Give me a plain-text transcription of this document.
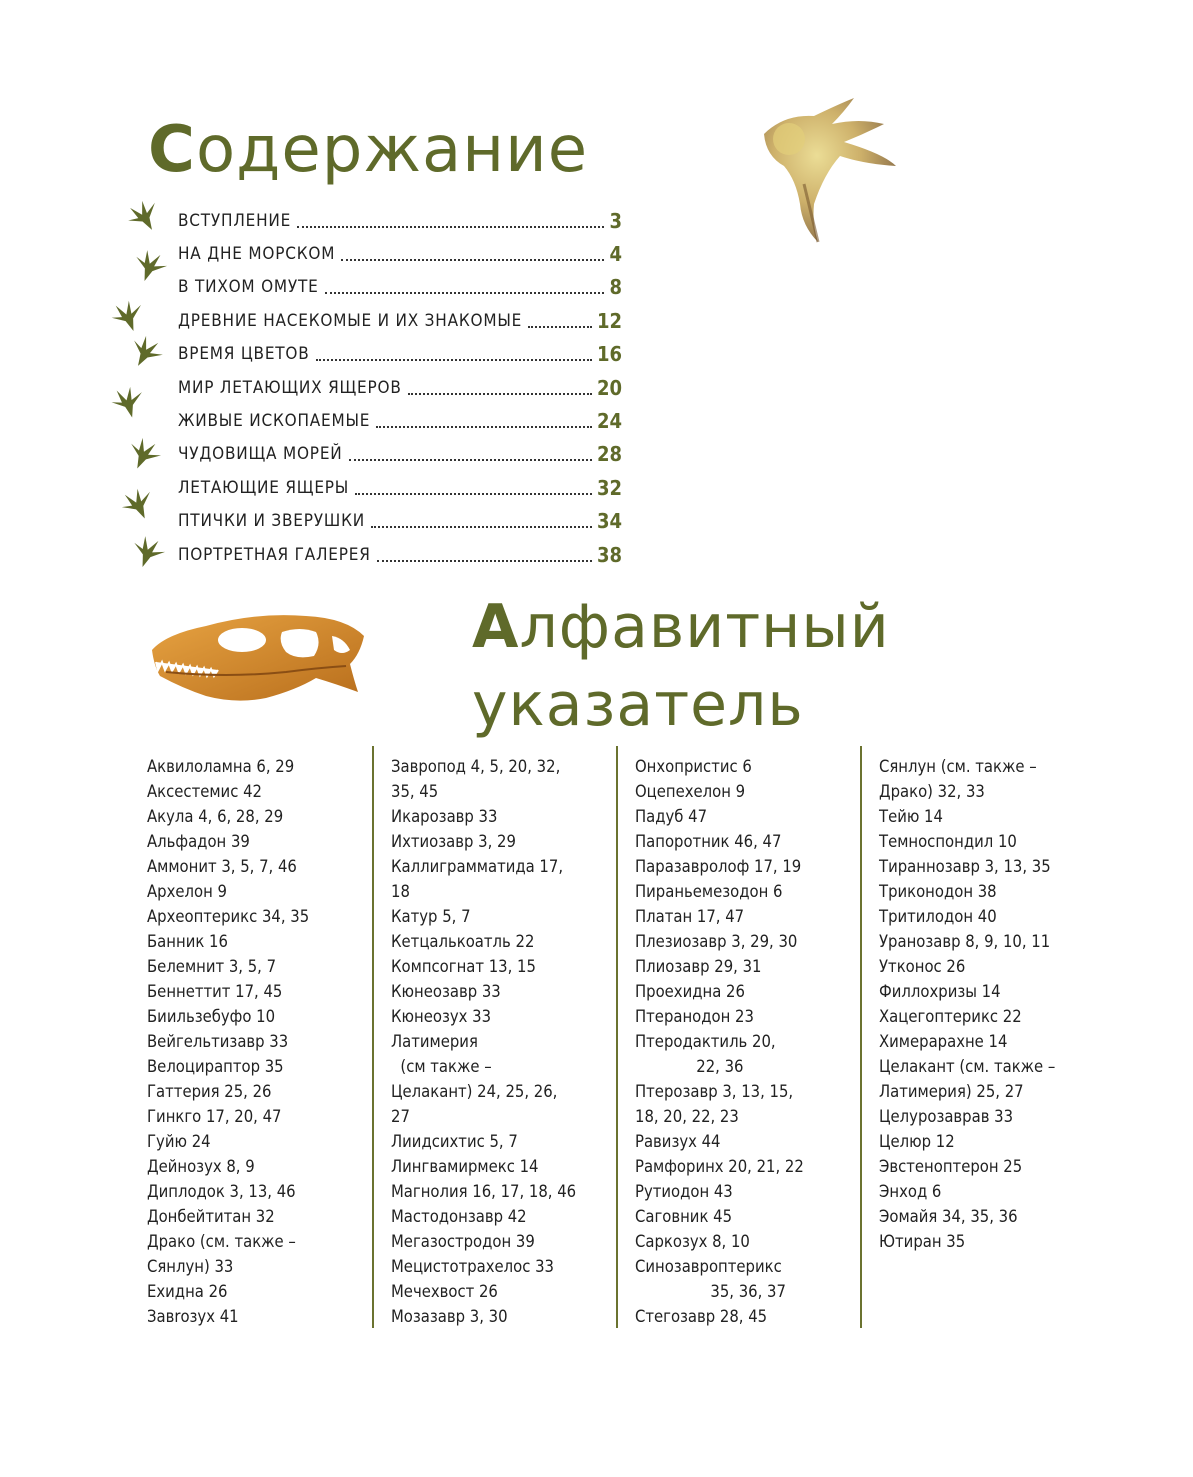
Содержание
ВСТУПЛЕНИЕ	3
НА ДНЕ МОРСКОМ	4
В ТИХОМ ОМУТЕ	8
ДРЕВНИЕ НАСЕКОМЫЕ И ИХ ЗНАКОМЫЕ	12
ВРЕМЯ ЦВЕТОВ	16
МИР ЛЕТАЮЩИХ ЯЩЕРОВ	20
ЖИВЫЕ ИСКОПАЕМЫЕ	24
ЧУДОВИЩА МОРЕЙ	28
ЛЕТАЮЩИЕ ЯЩЕРЫ	32
ПТИЧКИ И ЗВЕРУШКИ	34
ПОРТРЕТНАЯ ГАЛЕРЕЯ	38
Алфавитный
указатель
Аквилоламна 6, 29
Аксестемис 42
Акула 4, 6, 28, 29
Альфадон 39
Аммонит 3, 5, 7, 46
Архелон 9
Археоптерикс 34, 35
Банник 16
Белемнит 3, 5, 7
Беннеттит 17, 45
Биильзебуфо 10
Вейгельтизавр 33
Велоцираптор 35
Гаттерия 25, 26
Гинкго 17, 20, 47
Гуйю 24
Дейнозух 8, 9
Диплодок 3, 13, 46
Донбейтитан 32
Драко (см. также –
Сянлун) 33
Ехидна 26
Завrозух 41
Завропод 4, 5, 20, 32,
35, 45
Икарозавр 33
Ихтиозавр 3, 29
Каллиграмматида 17,
18
Катур 5, 7
Кетцалькоатль 22
Компсогнат 13, 15
Кюнеозавр 33
Кюнеозух 33
Латимерия
(см также –
Целакант) 24, 25, 26,
27
Лиидсихтис 5, 7
Лингвамирмекс 14
Магнолия 16, 17, 18, 46
Мастодонзавр 42
Мегазостродон 39
Мецистотрахелос 33
Мечехвост 26
Мозазавр 3, 30
Онхопристис 6
Оцепехелон 9
Падуб 47
Папоротник 46, 47
Паразавролоф 17, 19
Пираньемезодон 6
Платан 17, 47
Плезиозавр 3, 29, 30
Плиозавр 29, 31
Проехидна 26
Птеранодон 23
Птеродактиль 20,
22, 36
Птерозавр 3, 13, 15,
18, 20, 22, 23
Равизух 44
Рамфоринх 20, 21, 22
Рутиодон 43
Саговник 45
Саркозух 8, 10
Синозавроптерикс
35, 36, 37
Стегозавр 28, 45
Сянлун (см. также –
Драко) 32, 33
Тейю 14
Темноспондил 10
Тираннозавр 3, 13, 35
Триконодон 38
Тритилодон 40
Уранозавр 8, 9, 10, 11
Утконос 26
Филлохризы 14
Хацегоптерикс 22
Химерарахне 14
Целакант (см. также –
Латимерия) 25, 27
Целурозаврав 33
Целюр 12
Эвстеноптерон 25
Энход 6
Эомайя 34, 35, 36
Ютиран 35
